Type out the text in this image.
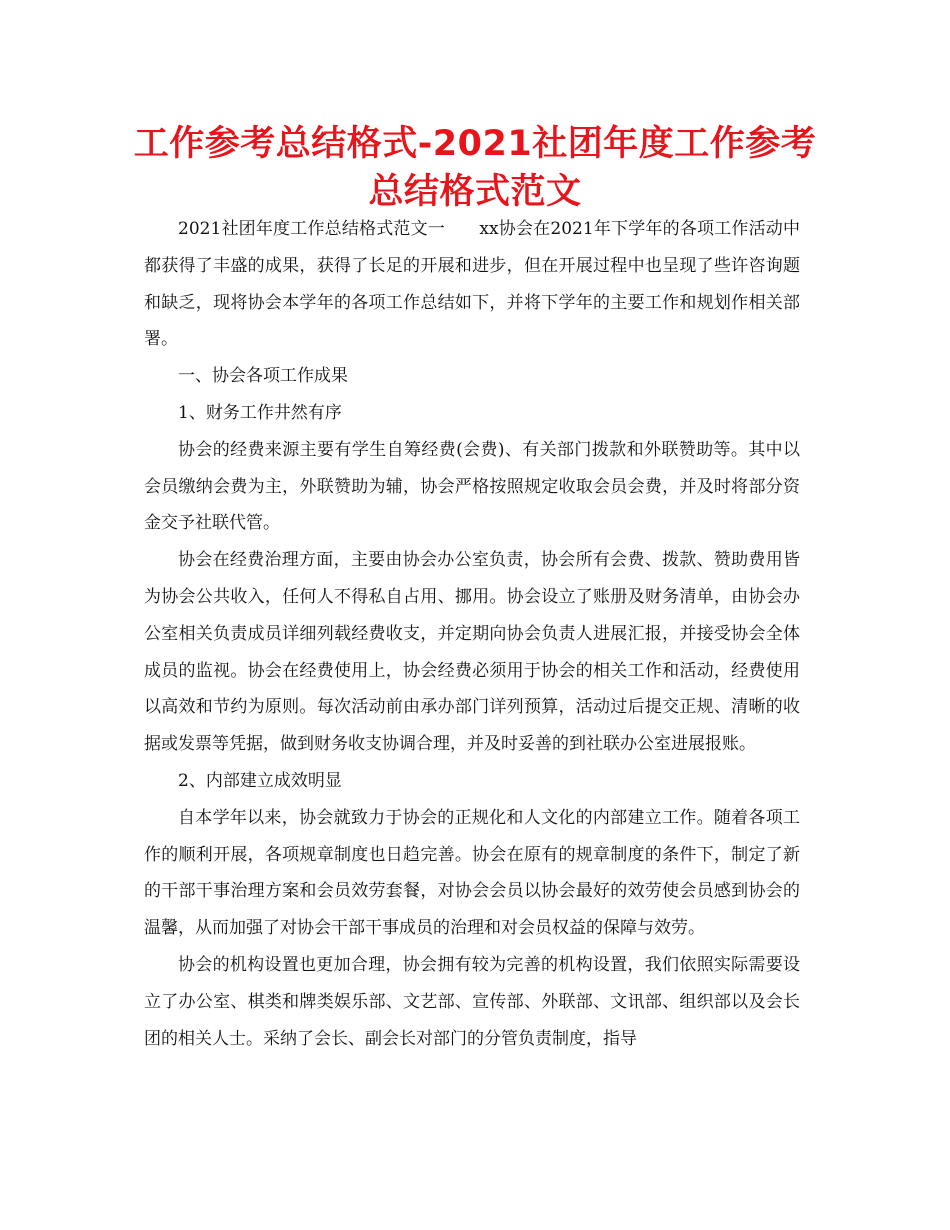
工作参考总结格式-2021社团年度工作参考总结格式范文

2021社团年度工作总结格式范文一　　xx协会在2021年下学年的各项工作活动中都获得了丰盛的成果，获得了长足的开展和进步，但在开展过程中也呈现了些许咨询题和缺乏，现将协会本学年的各项工作总结如下，并将下学年的主要工作和规划作相关部署。

一、协会各项工作成果

1、财务工作井然有序

协会的经费来源主要有学生自筹经费(会费)、有关部门拨款和外联赞助等。其中以会员缴纳会费为主，外联赞助为辅，协会严格按照规定收取会员会费，并及时将部分资金交予社联代管。

协会在经费治理方面，主要由协会办公室负责，协会所有会费、拨款、赞助费用皆为协会公共收入，任何人不得私自占用、挪用。协会设立了账册及财务清单，由协会办公室相关负责成员详细列载经费收支，并定期向协会负责人进展汇报，并接受协会全体成员的监视。协会在经费使用上，协会经费必须用于协会的相关工作和活动，经费使用以高效和节约为原则。每次活动前由承办部门详列预算，活动过后提交正规、清晰的收据或发票等凭据，做到财务收支协调合理，并及时妥善的到社联办公室进展报账。

2、内部建立成效明显

自本学年以来，协会就致力于协会的正规化和人文化的内部建立工作。随着各项工作的顺利开展，各项规章制度也日趋完善。协会在原有的规章制度的条件下，制定了新的干部干事治理方案和会员效劳套餐，对协会会员以协会最好的效劳使会员感到协会的温馨，从而加强了对协会干部干事成员的治理和对会员权益的保障与效劳。

协会的机构设置也更加合理，协会拥有较为完善的机构设置，我们依照实际需要设立了办公室、棋类和牌类娱乐部、文艺部、宣传部、外联部、文讯部、组织部以及会长团的相关人士。采纳了会长、副会长对部门的分管负责制度，指导
